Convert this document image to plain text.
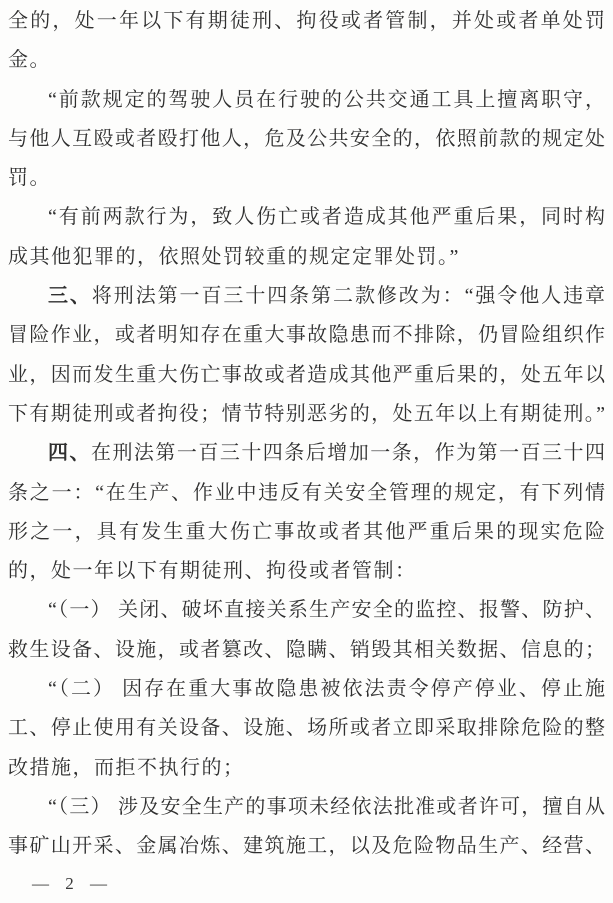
全的，处一年以下有期徒刑、拘役或者管制，并处或者单处罚
金。
“前款规定的驾驶人员在行驶的公共交通工具上擅离职守，
与他人互殴或者殴打他人，危及公共安全的，依照前款的规定处
罚。
“有前两款行为，致人伤亡或者造成其他严重后果，同时构
成其他犯罪的，依照处罚较重的规定定罪处罚。”
三、将刑法第一百三十四条第二款修改为：“强令他人违章
冒险作业，或者明知存在重大事故隐患而不排除，仍冒险组织作
业，因而发生重大伤亡事故或者造成其他严重后果的，处五年以
下有期徒刑或者拘役；情节特别恶劣的，处五年以上有期徒刑。”
四、在刑法第一百三十四条后增加一条，作为第一百三十四
条之一：“在生产、作业中违反有关安全管理的规定，有下列情
形之一，具有发生重大伤亡事故或者其他严重后果的现实危险
的，处一年以下有期徒刑、拘役或者管制：
“（一） 关闭、破坏直接关系生产安全的监控、报警、防护、
救生设备、设施，或者篡改、隐瞒、销毁其相关数据、信息的；
“（二） 因存在重大事故隐患被依法责令停产停业、停止施
工、停止使用有关设备、设施、场所或者立即采取排除危险的整
改措施，而拒不执行的；
“（三） 涉及安全生产的事项未经依法批准或者许可，擅自从
事矿山开采、金属冶炼、建筑施工，以及危险物品生产、经营、
— 2 —
